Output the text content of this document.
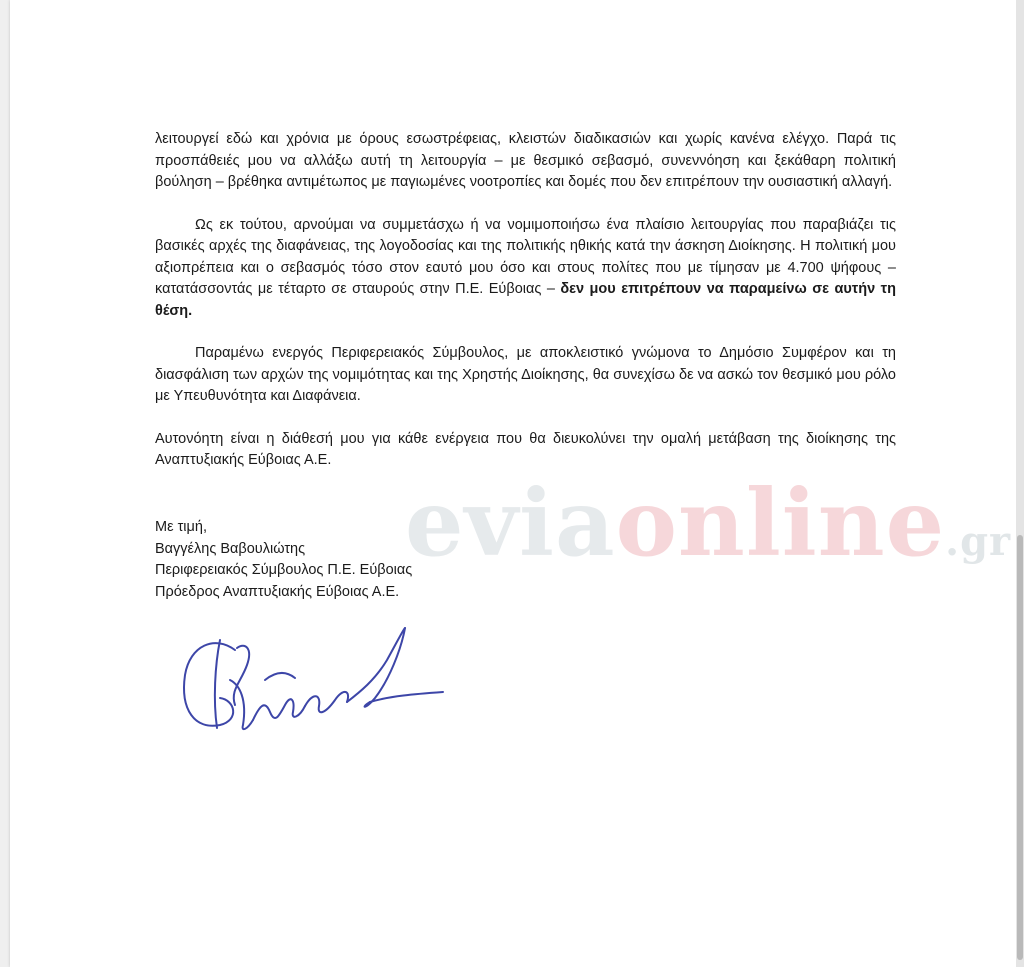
λειτουργεί εδώ και χρόνια με όρους εσωστρέφειας, κλειστών διαδικασιών και χωρίς κανένα ελέγχο. Παρά τις προσπάθειές μου να αλλάξω αυτή τη λειτουργία – με θεσμικό σεβασμό, συνεννόηση και ξεκάθαρη πολιτική βούληση – βρέθηκα αντιμέτωπος με παγιωμένες νοοτροπίες και δομές που δεν επιτρέπουν την ουσιαστική αλλαγή.

Ως εκ τούτου, αρνούμαι να συμμετάσχω ή να νομιμοποιήσω ένα πλαίσιο λειτουργίας που παραβιάζει τις βασικές αρχές της διαφάνειας, της λογοδοσίας και της πολιτικής ηθικής κατά την άσκηση Διοίκησης. Η πολιτική μου αξιοπρέπεια και ο σεβασμός τόσο στον εαυτό μου όσο και στους πολίτες που με τίμησαν με 4.700 ψήφους – κατατάσσοντάς με τέταρτο σε σταυρούς στην Π.Ε. Εύβοιας – δεν μου επιτρέπουν να παραμείνω σε αυτήν τη θέση.

Παραμένω ενεργός Περιφερειακός Σύμβουλος, με αποκλειστικό γνώμονα το Δημόσιο Συμφέρον και τη διασφάλιση των αρχών της νομιμότητας και της Χρηστής Διοίκησης, θα συνεχίσω δε να ασκώ τον θεσμικό μου ρόλο με Υπευθυνότητα και Διαφάνεια.

Αυτονόητη είναι η διάθεσή μου για κάθε ενέργεια που θα διευκολύνει την ομαλή μετάβαση της διοίκησης της Αναπτυξιακής Εύβοιας Α.Ε.

eviaonline.gr
Με τιμή,
Βαγγέλης Βαβουλιώτης
Περιφερειακός Σύμβουλος Π.Ε. Εύβοιας
Πρόεδρος Αναπτυξιακής Εύβοιας Α.Ε.
